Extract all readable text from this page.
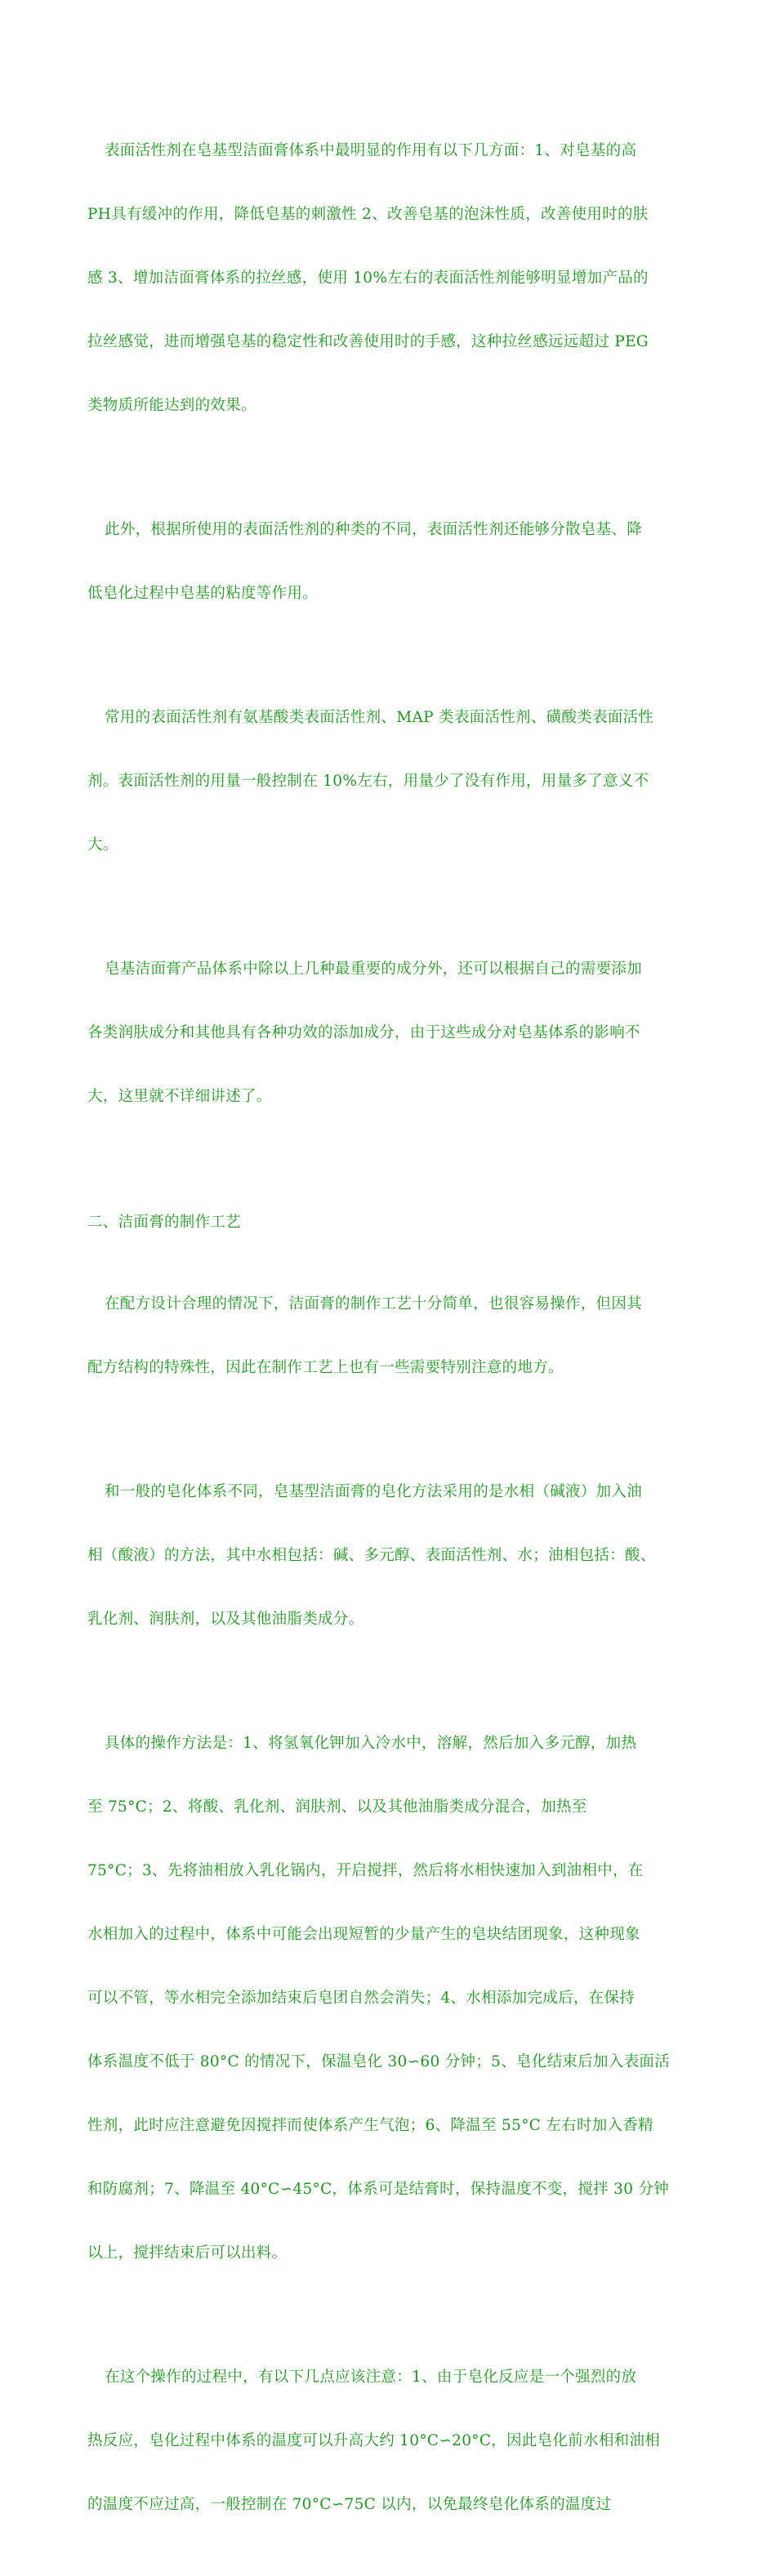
表面活性剂在皂基型洁面膏体系中最明显的作用有以下几方面：1、对皂基的高

PH具有缓冲的作用，降低皂基的刺激性 2、改善皂基的泡沫性质，改善使用时的肤

感 3、增加洁面膏体系的拉丝感，使用 10%左右的表面活性剂能够明显增加产品的

拉丝感觉，进而增强皂基的稳定性和改善使用时的手感，这种拉丝感远远超过 PEG

类物质所能达到的效果。

此外，根据所使用的表面活性剂的种类的不同，表面活性剂还能够分散皂基、降

低皂化过程中皂基的粘度等作用。

常用的表面活性剂有氨基酸类表面活性剂、MAP 类表面活性剂、磺酸类表面活性

剂。表面活性剂的用量一般控制在 10%左右，用量少了没有作用，用量多了意义不

大。

皂基洁面膏产品体系中除以上几种最重要的成分外，还可以根据自己的需要添加

各类润肤成分和其他具有各种功效的添加成分，由于这些成分对皂基体系的影响不

大，这里就不详细讲述了。

二、洁面膏的制作工艺

在配方设计合理的情况下，洁面膏的制作工艺十分简单，也很容易操作，但因其

配方结构的特殊性，因此在制作工艺上也有一些需要特别注意的地方。

和一般的皂化体系不同，皂基型洁面膏的皂化方法采用的是水相（碱液）加入油

相（酸液）的方法，其中水相包括：碱、多元醇、表面活性剂、水；油相包括：酸、

乳化剂、润肤剂，以及其他油脂类成分。

具体的操作方法是：1、将氢氧化钾加入冷水中，溶解，然后加入多元醇，加热

至 75°C；2、将酸、乳化剂、润肤剂、以及其他油脂类成分混合，加热至

75°C；3、先将油相放入乳化锅内，开启搅拌，然后将水相快速加入到油相中，在

水相加入的过程中，体系中可能会出现短暂的少量产生的皂块结团现象，这种现象

可以不管，等水相完全添加结束后皂团自然会消失；4、水相添加完成后，在保持

体系温度不低于 80°C 的情况下，保温皂化 30∽60 分钟；5、皂化结束后加入表面活

性剂，此时应注意避免因搅拌而使体系产生气泡；6、降温至 55°C 左右时加入香精

和防腐剂；7、降温至 40°C∽45°C，体系可是结膏时，保持温度不变，搅拌 30 分钟

以上，搅拌结束后可以出料。

在这个操作的过程中，有以下几点应该注意：1、由于皂化反应是一个强烈的放

热反应，皂化过程中体系的温度可以升高大约 10°C∽20°C，因此皂化前水相和油相

的温度不应过高，一般控制在 70°C∽75C 以内，以免最终皂化体系的温度过
